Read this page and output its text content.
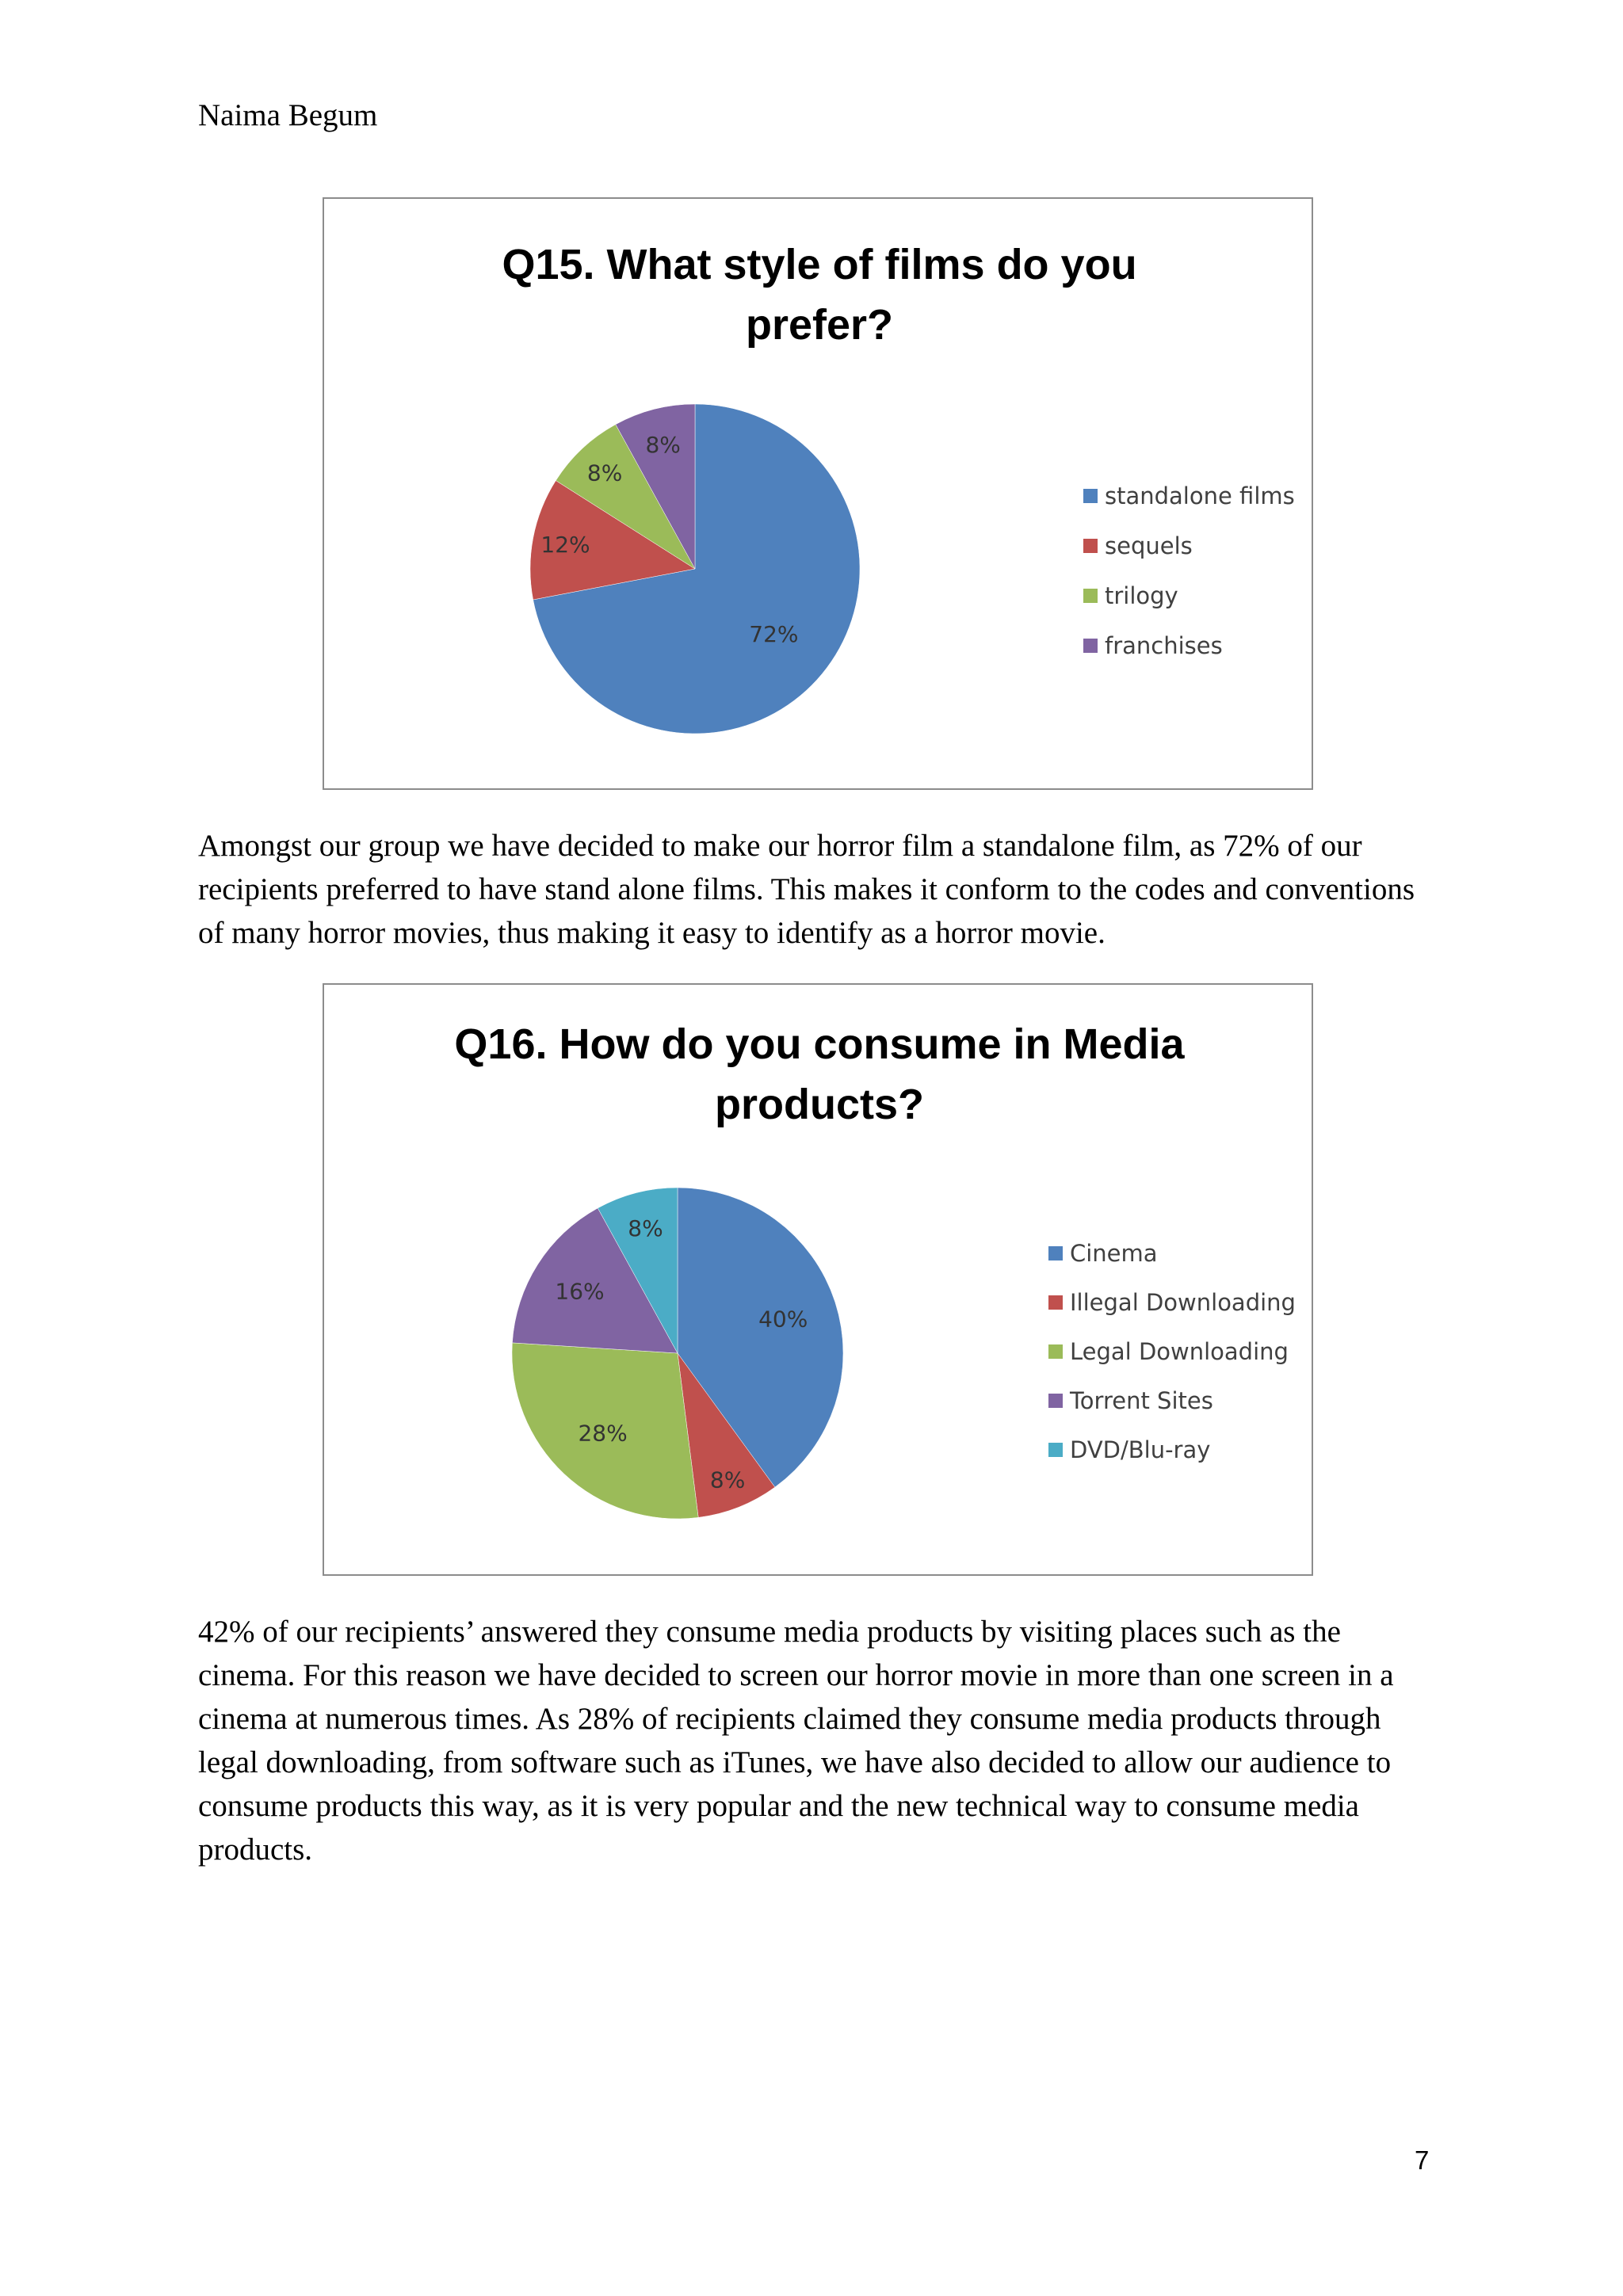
Naima Begum
Q15. What style of films do you prefer?
72%
12%
8%
8%
standalone films
sequels
trilogy
franchises

Amongst our group we have decided to make our horror film a standalone film, as 72% of our recipients preferred to have stand alone films. This makes it conform to the codes and conventions of many horror movies, thus making it easy to identify as a horror movie.

Q16. How do you consume in Media products?
40%
8%
28%
16%
8%
Cinema
Illegal Downloading
Legal Downloading
Torrent Sites
DVD/Blu-ray

42% of our recipients’ answered they consume media products by visiting places such as the cinema. For this reason we have decided to screen our horror movie in more than one screen in a cinema at numerous times. As 28% of recipients claimed they consume media products through legal downloading, from software such as iTunes, we have also decided to allow our audience to consume products this way, as it is very popular and the new technical way to consume media products.

7
